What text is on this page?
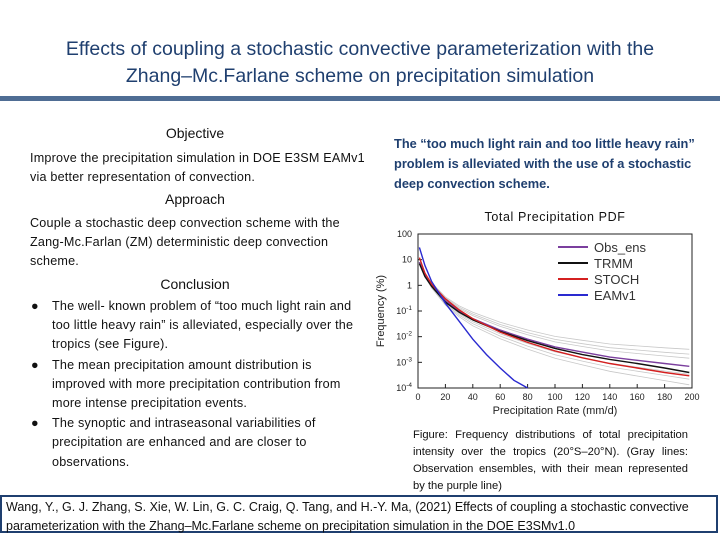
Effects of coupling a stochastic convective parameterization with the
Zhang–Mc.Farlane scheme on precipitation simulation
Objective
Improve the precipitation simulation in DOE E3SM EAMv1 via better representation of convection.
Approach
Couple a stochastic deep convection scheme with the Zang-Mc.Farlan (ZM) deterministic deep convection scheme.
Conclusion
● The well- known problem of “too much light rain and too little heavy rain” is alleviated, especially over the tropics (see Figure).
● The mean precipitation amount distribution is improved with more precipitation contribution from more intense precipitation events.
● The synoptic and intraseasonal variabilities of precipitation are enhanced and are closer to observations.
The “too much light rain and too little heavy rain” problem is alleviated with the use of a stochastic deep convection scheme.
Total Precipitation PDF
100
10
1
$10^{-1}$
$10^{-2}$
$10^{-3}$
$10^{-4}$
0 20 40 60 80 100 120 140 160 180 200
Precipitation Rate (mm/d)
Frequency (%)
Obs_ens
TRMM
STOCH
EAMv1
Figure: Frequency distributions of total precipitation intensity over the tropics (20°S–20°N). (Gray lines: Observation ensembles, with their mean represented by the purple line)
Wang, Y., G. J. Zhang, S. Xie, W. Lin, G. C. Craig, Q. Tang, and H.-Y. Ma, (2021) Effects of coupling a stochastic convective parameterization with the Zhang–Mc.Farlane scheme on precipitation simulation in the DOE E3SMv1.0
